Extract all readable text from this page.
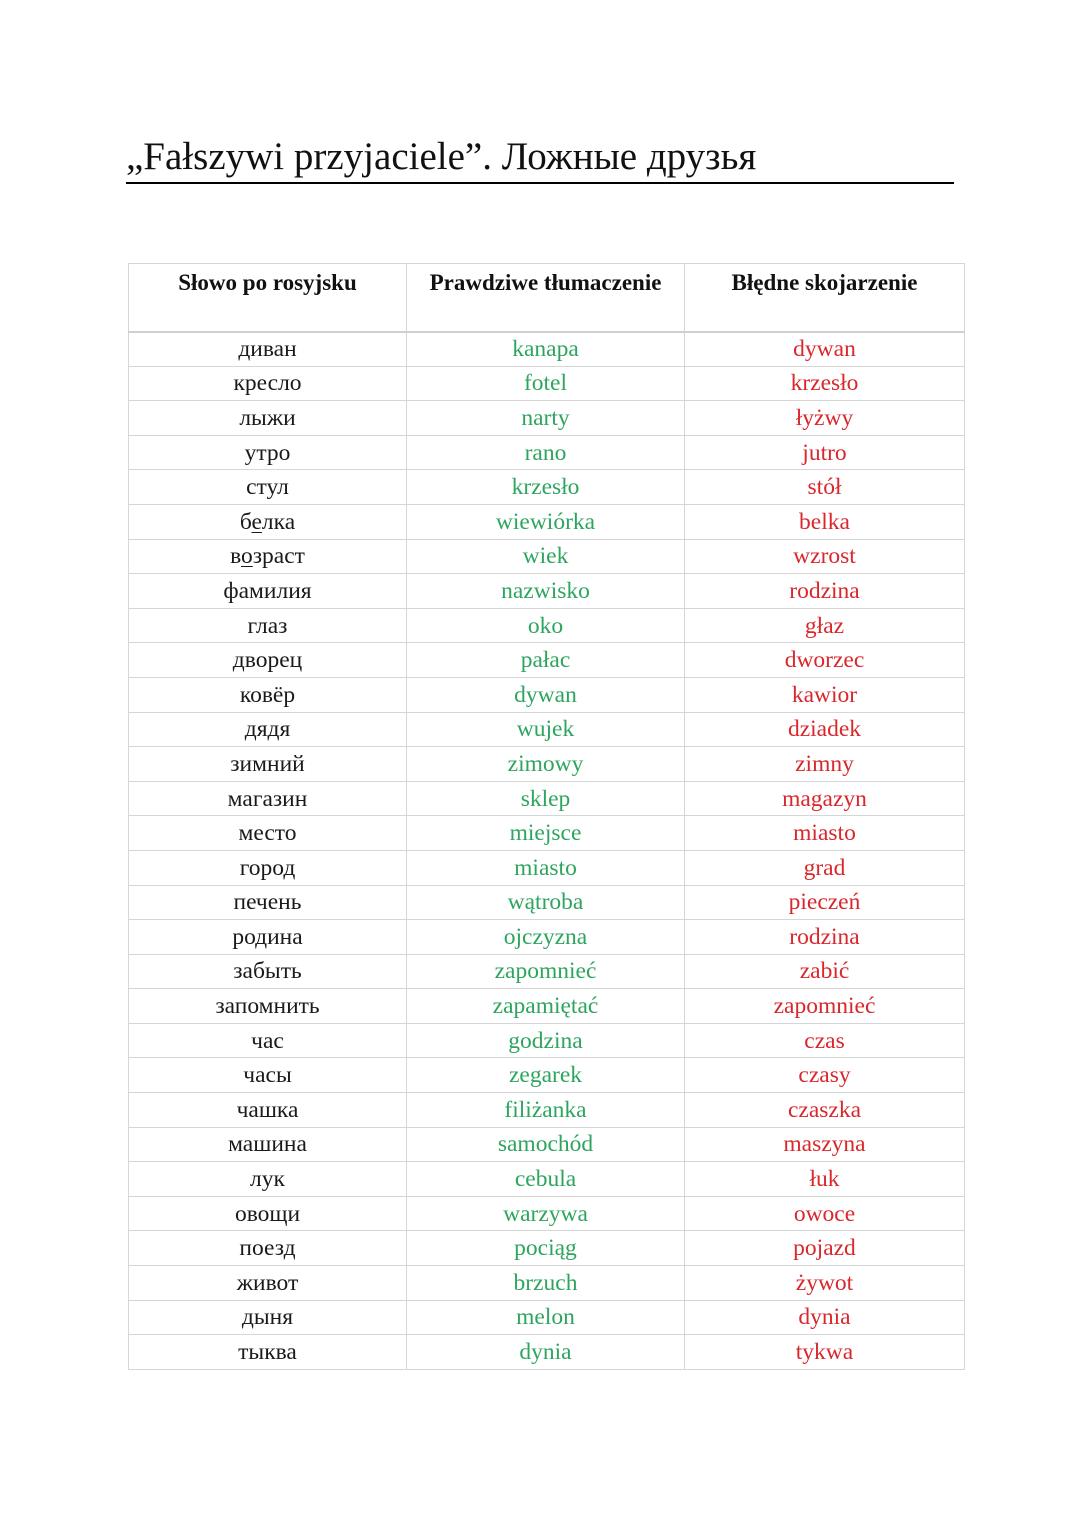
„Fałszywi przyjaciele”. Ложные друзья
Słowo po rosyjsku	Prawdziwe tłumaczenie	Błędne skojarzenie
диван	kanapa	dywan
кресло	fotel	krzesło
лыжи	narty	łyżwy
утро	rano	jutro
стул	krzesło	stół
белка	wiewiórka	belka
возраст	wiek	wzrost
фамилия	nazwisko	rodzina
глаз	oko	głaz
дворец	pałac	dworzec
ковёр	dywan	kawior
дядя	wujek	dziadek
зимний	zimowy	zimny
магазин	sklep	magazyn
место	miejsce	miasto
город	miasto	grad
печень	wątroba	pieczeń
родина	ojczyzna	rodzina
забыть	zapomnieć	zabić
запомнить	zapamiętać	zapomnieć
час	godzina	czas
часы	zegarek	czasy
чашка	filiżanka	czaszka
машина	samochód	maszyna
лук	cebula	łuk
овощи	warzywa	owoce
поезд	pociąg	pojazd
живот	brzuch	żywot
дыня	melon	dynia
тыква	dynia	tykwa
